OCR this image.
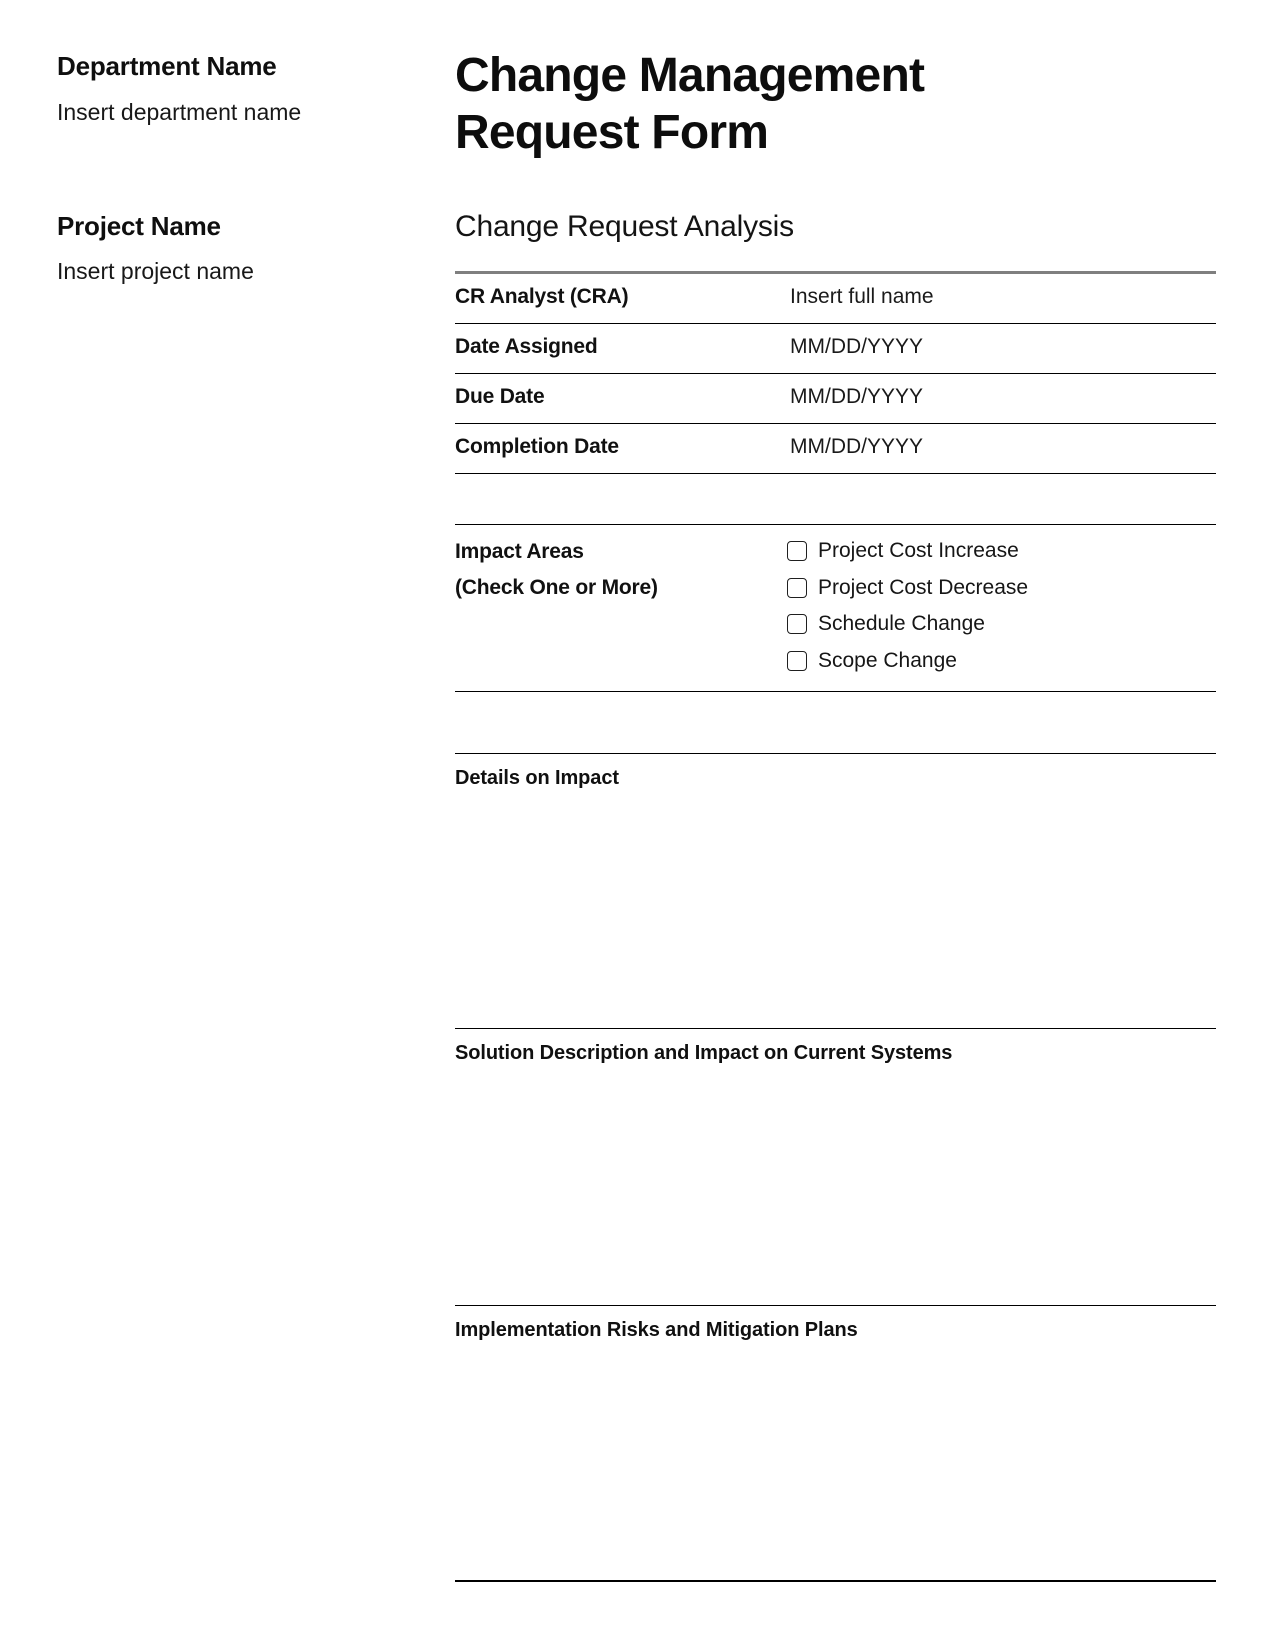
Department Name
Insert department name
Project Name
Insert project name
Change Management Request Form
Change Request Analysis
CR Analyst (CRA)	Insert full name
Date Assigned	MM/DD/YYYY
Due Date	MM/DD/YYYY
Completion Date	MM/DD/YYYY
Impact Areas
(Check One or More)
Project Cost Increase
Project Cost Decrease
Schedule Change
Scope Change
Details on Impact
Solution Description and Impact on Current Systems
Implementation Risks and Mitigation Plans
